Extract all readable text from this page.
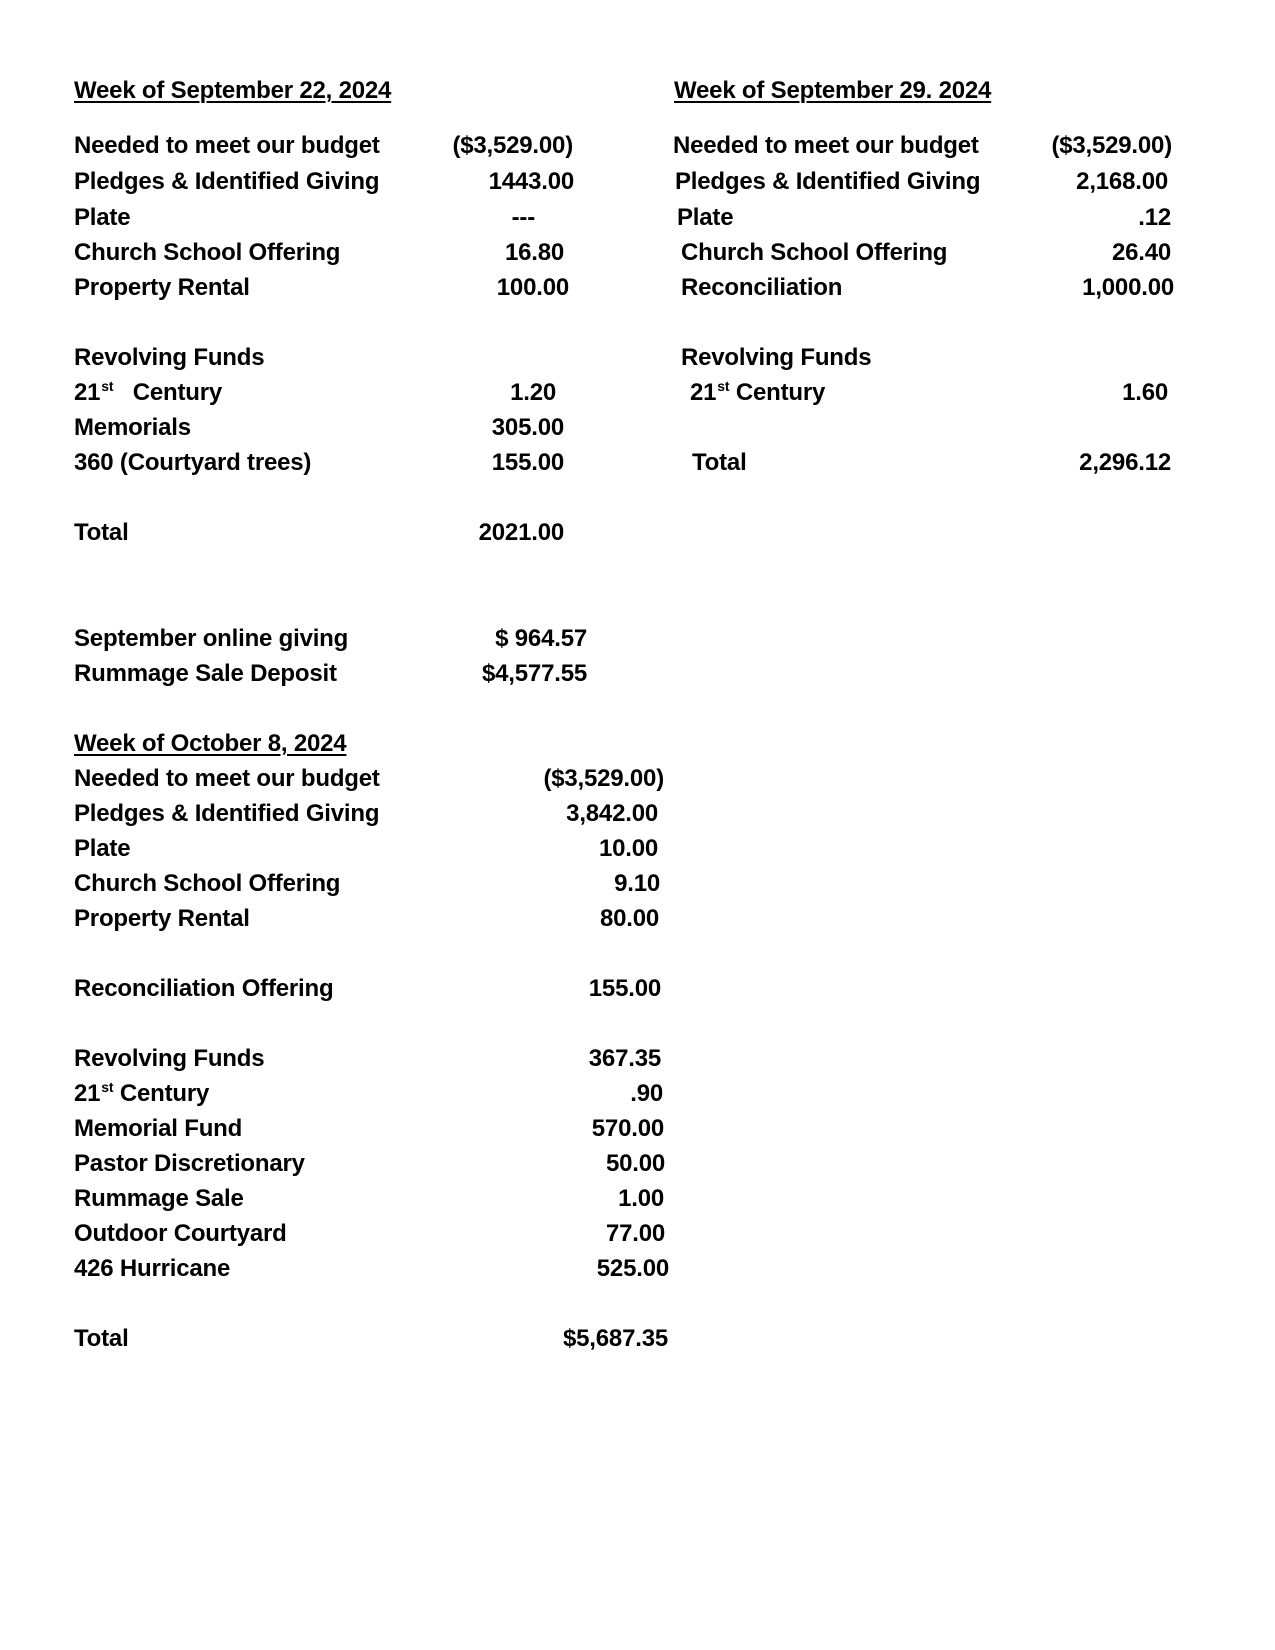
Week of September 22, 2024
Needed to meet our budget	($3,529.00)
Pledges & Identified Giving	1443.00
Plate	---
Church School Offering	16.80
Property Rental	100.00
Revolving Funds
21st Century	1.20
Memorials	305.00
360 (Courtyard trees)	155.00
Total	2021.00
Week of September 29. 2024
Needed to meet our budget	($3,529.00)
Pledges & Identified Giving	2,168.00
Plate	.12
Church School Offering	26.40
Reconciliation	1,000.00
Revolving Funds
21st Century	1.60
Total	2,296.12
September online giving	$ 964.57
Rummage Sale Deposit	$4,577.55
Week of October 8, 2024
Needed to meet our budget	($3,529.00)
Pledges & Identified Giving	3,842.00
Plate	10.00
Church School Offering	9.10
Property Rental	80.00
Reconciliation Offering	155.00
Revolving Funds	367.35
21st Century	.90
Memorial Fund	570.00
Pastor Discretionary	50.00
Rummage Sale	1.00
Outdoor Courtyard	77.00
426 Hurricane	525.00
Total	$5,687.35
